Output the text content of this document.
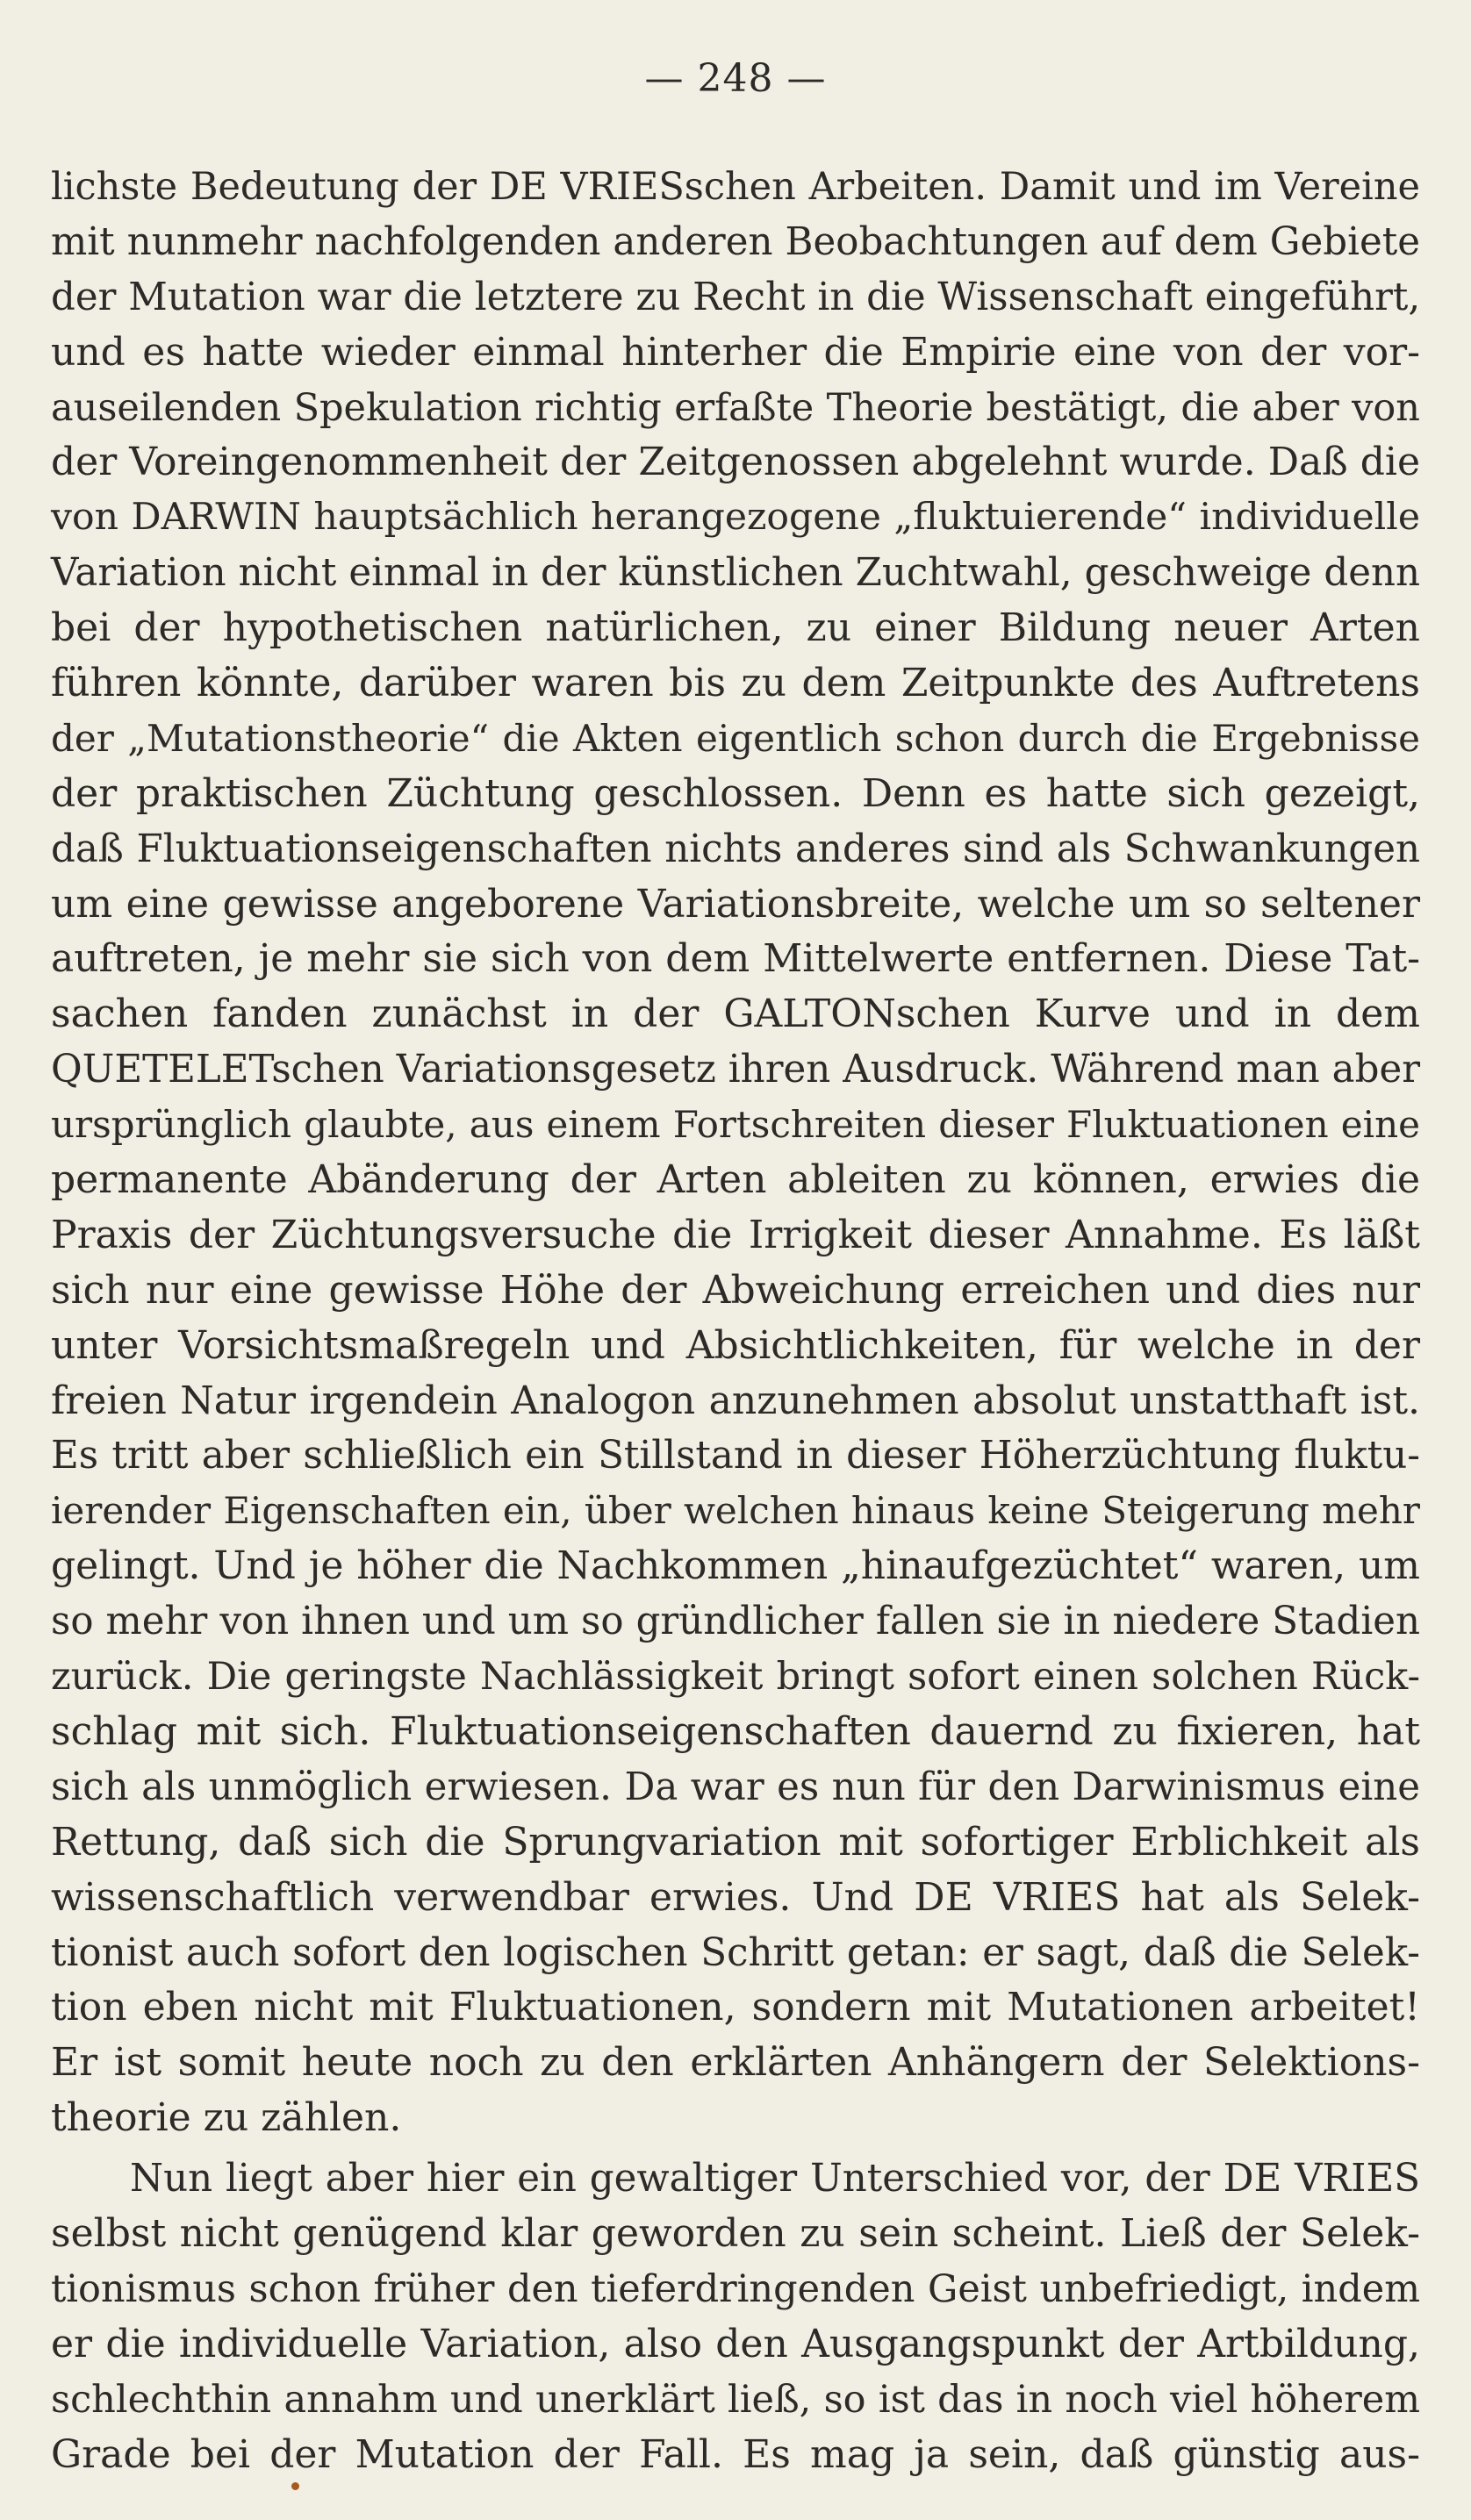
— 248 —
lichste Bedeutung der DE VRIESschen Arbeiten. Damit und im Vereine
mit nunmehr nachfolgenden anderen Beobachtungen auf dem Gebiete
der Mutation war die letztere zu Recht in die Wissenschaft eingeführt,
und es hatte wieder einmal hinterher die Empirie eine von der vor-
auseilenden Spekulation richtig erfaßte Theorie bestätigt, die aber von
der Voreingenommenheit der Zeitgenossen abgelehnt wurde. Daß die
von DARWIN hauptsächlich herangezogene „fluktuierende“ individuelle
Variation nicht einmal in der künstlichen Zuchtwahl, geschweige denn
bei der hypothetischen natürlichen, zu einer Bildung neuer Arten
führen könnte, darüber waren bis zu dem Zeitpunkte des Auftretens
der „Mutationstheorie“ die Akten eigentlich schon durch die Ergebnisse
der praktischen Züchtung geschlossen. Denn es hatte sich gezeigt,
daß Fluktuationseigenschaften nichts anderes sind als Schwankungen
um eine gewisse angeborene Variationsbreite, welche um so seltener
auftreten, je mehr sie sich von dem Mittelwerte entfernen. Diese Tat-
sachen fanden zunächst in der GALTONschen Kurve und in dem
QUETELETschen Variationsgesetz ihren Ausdruck. Während man aber
ursprünglich glaubte, aus einem Fortschreiten dieser Fluktuationen eine
permanente Abänderung der Arten ableiten zu können, erwies die
Praxis der Züchtungsversuche die Irrigkeit dieser Annahme. Es läßt
sich nur eine gewisse Höhe der Abweichung erreichen und dies nur
unter Vorsichtsmaßregeln und Absichtlichkeiten, für welche in der
freien Natur irgendein Analogon anzunehmen absolut unstatthaft ist.
Es tritt aber schließlich ein Stillstand in dieser Höherzüchtung fluktu-
ierender Eigenschaften ein, über welchen hinaus keine Steigerung mehr
gelingt. Und je höher die Nachkommen „hinaufgezüchtet“ waren, um
so mehr von ihnen und um so gründlicher fallen sie in niedere Stadien
zurück. Die geringste Nachlässigkeit bringt sofort einen solchen Rück-
schlag mit sich. Fluktuationseigenschaften dauernd zu fixieren, hat
sich als unmöglich erwiesen. Da war es nun für den Darwinismus eine
Rettung, daß sich die Sprungvariation mit sofortiger Erblichkeit als
wissenschaftlich verwendbar erwies. Und DE VRIES hat als Selek-
tionist auch sofort den logischen Schritt getan: er sagt, daß die Selek-
tion eben nicht mit Fluktuationen, sondern mit Mutationen arbeitet!
Er ist somit heute noch zu den erklärten Anhängern der Selektions-
theorie zu zählen.
Nun liegt aber hier ein gewaltiger Unterschied vor, der DE VRIES
selbst nicht genügend klar geworden zu sein scheint. Ließ der Selek-
tionismus schon früher den tieferdringenden Geist unbefriedigt, indem
er die individuelle Variation, also den Ausgangspunkt der Artbildung,
schlechthin annahm und unerklärt ließ, so ist das in noch viel höherem
Grade bei der Mutation der Fall. Es mag ja sein, daß günstig aus-
